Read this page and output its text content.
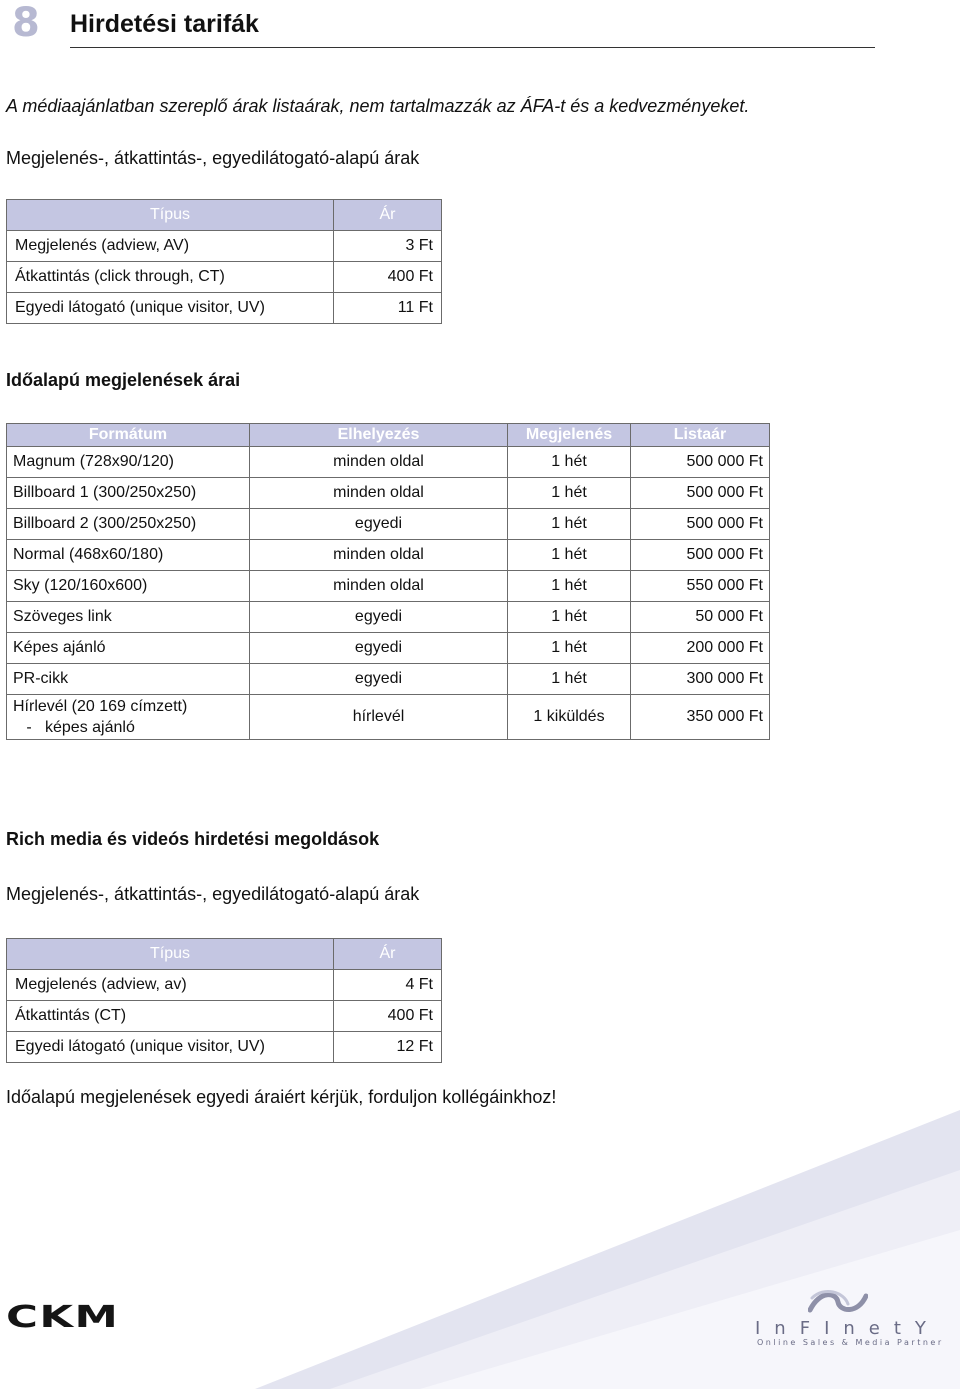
8 Hirdetési tarifák
A médiaajánlatban szereplő árak listaárak, nem tartalmazzák az ÁFA-t és a kedvezményeket.
Megjelenés-, átkattintás-, egyedilátogató-alapú árak
Típus	Ár
Megjelenés (adview, AV)	3 Ft
Átkattintás (click through, CT)	400 Ft
Egyedi látogató (unique visitor, UV)	11 Ft
Időalapú megjelenések árai
Formátum	Elhelyezés	Megjelenés	Listaár
Magnum (728x90/120)	minden oldal	1 hét	500 000 Ft
Billboard 1 (300/250x250)	minden oldal	1 hét	500 000 Ft
Billboard 2 (300/250x250)	egyedi	1 hét	500 000 Ft
Normal (468x60/180)	minden oldal	1 hét	500 000 Ft
Sky (120/160x600)	minden oldal	1 hét	550 000 Ft
Szöveges link	egyedi	1 hét	50 000 Ft
Képes ajánló	egyedi	1 hét	200 000 Ft
PR-cikk	egyedi	1 hét	300 000 Ft

Hírlevél (20 169 címzett)
- képes ajánló	hírlevél	1 kiküldés	350 000 Ft
Rich media és videós hirdetési megoldások
Megjelenés-, átkattintás-, egyedilátogató-alapú árak
Típus	Ár
Megjelenés (adview, av)	4 Ft
Átkattintás (CT)	400 Ft
Egyedi látogató (unique visitor, UV)	12 Ft
Időalapú megjelenések egyedi áraiért kérjük, forduljon kollégáinkhoz!
CKM	InFInetY
Online Sales & Media Partner
